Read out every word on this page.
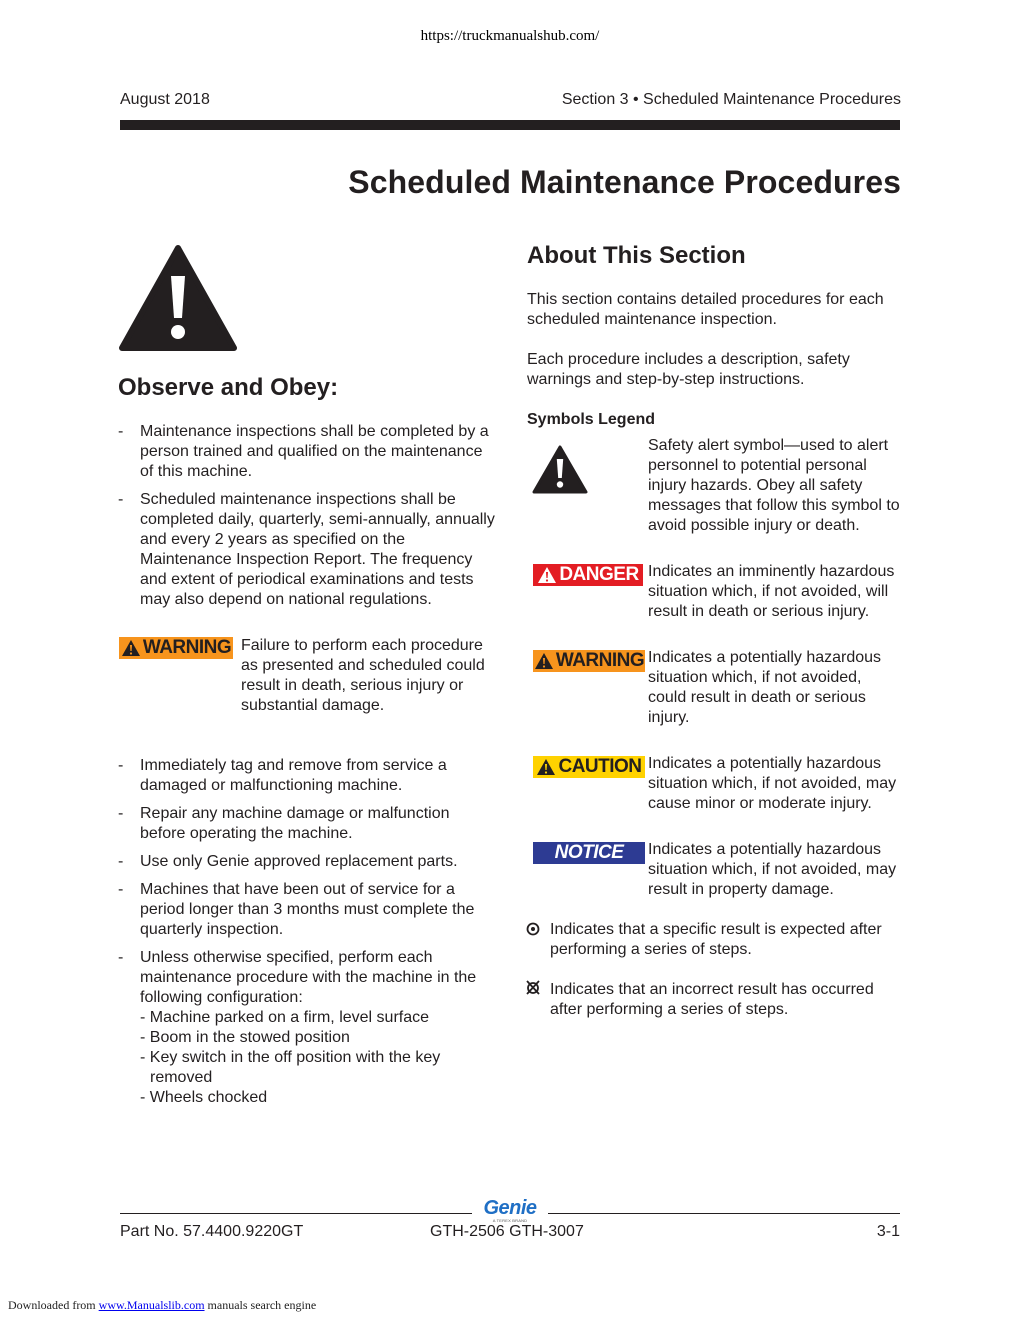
https://truckmanualshub.com/
August 2018	Section 3 • Scheduled Maintenance Procedures
Scheduled Maintenance Procedures
Observe and Obey:
- Maintenance inspections shall be completed by a person trained and qualified on the maintenance of this machine.
- Scheduled maintenance inspections shall be completed daily, quarterly, semi-annually, annually and every 2 years as specified on the Maintenance Inspection Report. The frequency and extent of periodical examinations and tests may also depend on national regulations.
WARNING Failure to perform each procedure as presented and scheduled could result in death, serious injury or substantial damage.
- Immediately tag and remove from service a damaged or malfunctioning machine.
- Repair any machine damage or malfunction before operating the machine.
- Use only Genie approved replacement parts.
- Machines that have been out of service for a period longer than 3 months must complete the quarterly inspection.
- Unless otherwise specified, perform each maintenance procedure with the machine in the following configuration:
- Machine parked on a firm, level surface
- Boom in the stowed position
- Key switch in the off position with the key removed
- Wheels chocked
About This Section
This section contains detailed procedures for each scheduled maintenance inspection.
Each procedure includes a description, safety warnings and step-by-step instructions.
Symbols Legend
Safety alert symbol—used to alert personnel to potential personal injury hazards. Obey all safety messages that follow this symbol to avoid possible injury or death.
DANGER Indicates an imminently hazardous situation which, if not avoided, will result in death or serious injury.
WARNING Indicates a potentially hazardous situation which, if not avoided, could result in death or serious injury.
CAUTION Indicates a potentially hazardous situation which, if not avoided, may cause minor or moderate injury.
NOTICE Indicates a potentially hazardous situation which, if not avoided, may result in property damage.
Indicates that a specific result is expected after performing a series of steps.
Indicates that an incorrect result has occurred after performing a series of steps.
Genie
A TEREX BRAND
Part No. 57.4400.9220GT	GTH-2506 GTH-3007	3-1
Downloaded from www.Manualslib.com manuals search engine
